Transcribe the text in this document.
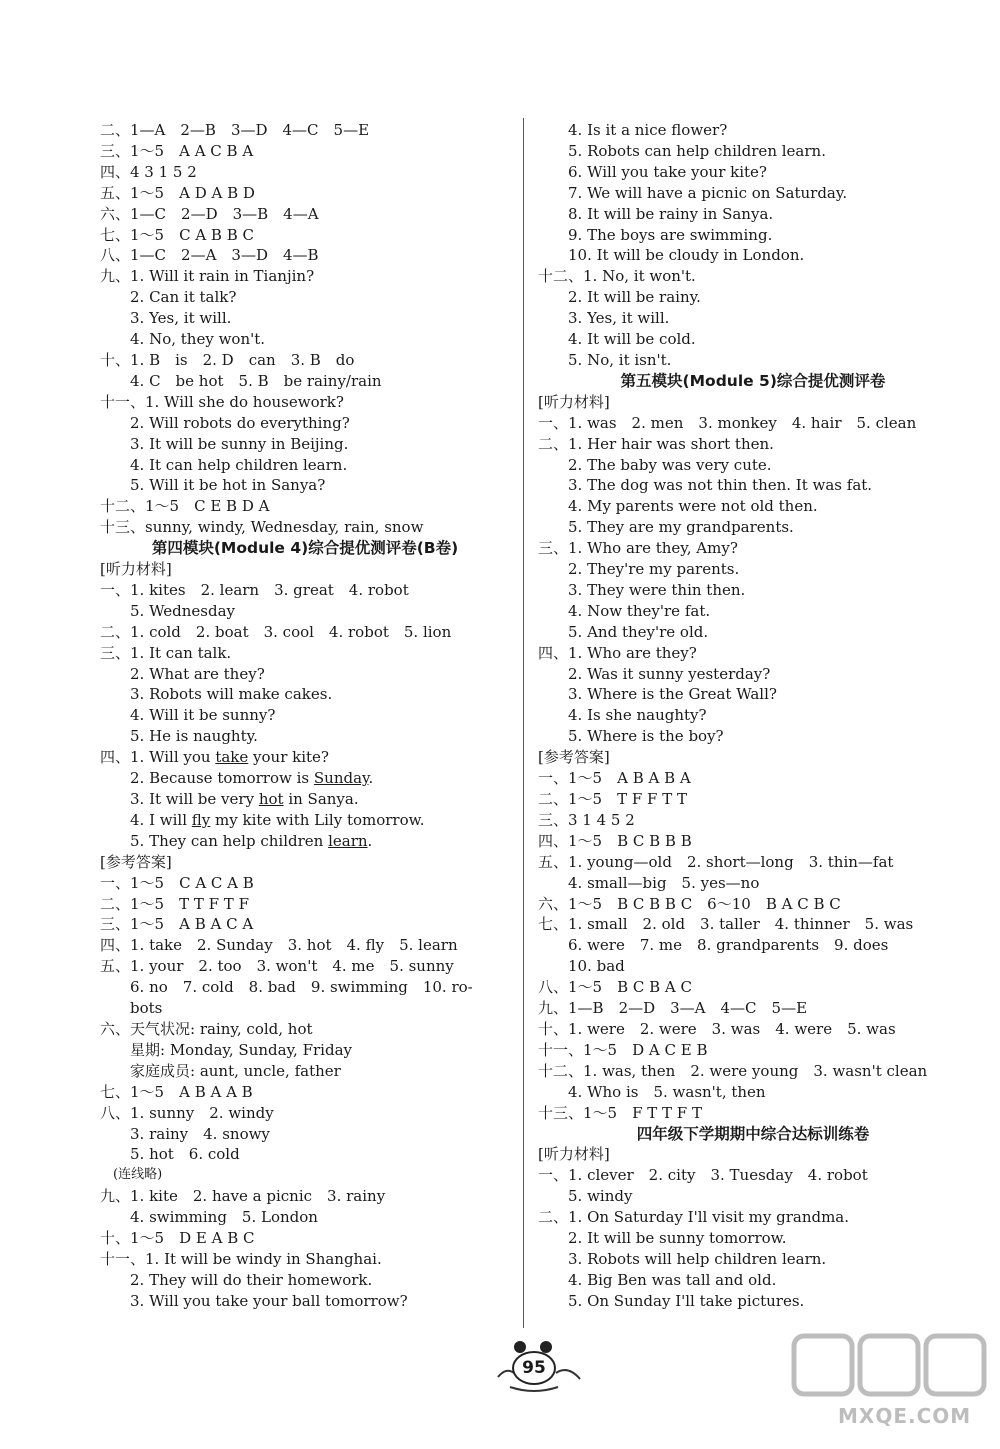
二、1—A　2—B　3—D　4—C　5—E
三、1～5　A A C B A
四、4 3 1 5 2
五、1～5　A D A B D
六、1—C　2—D　3—B　4—A
七、1～5　C A B B C
八、1—C　2—A　3—D　4—B
九、1. Will it rain in Tianjin?
　　2. Can it talk?
　　3. Yes, it will.
　　4. No, they won't.
十、1. B　is　2. D　can　3. B　do
　　4. C　be hot　5. B　be rainy/rain
十一、1. Will she do housework?
　　2. Will robots do everything?
　　3. It will be sunny in Beijing.
　　4. It can help children learn.
　　5. Will it be hot in Sanya?
十二、1～5　C E B D A
十三、sunny, windy, Wednesday, rain, snow
第四模块(Module 4)综合提优测评卷(B卷)
[听力材料]
一、1. kites　2. learn　3. great　4. robot
　　5. Wednesday
二、1. cold　2. boat　3. cool　4. robot　5. lion
三、1. It can talk.
　　2. What are they?
　　3. Robots will make cakes.
　　4. Will it be sunny?
　　5. He is naughty.
四、1. Will you take your kite?
　　2. Because tomorrow is Sunday.
　　3. It will be very hot in Sanya.
　　4. I will fly my kite with Lily tomorrow.
　　5. They can help children learn.
[参考答案]
一、1～5　C A C A B
二、1～5　T T F T F
三、1～5　A B A C A
四、1. take　2. Sunday　3. hot　4. fly　5. learn
五、1. your　2. too　3. won't　4. me　5. sunny
　　6. no　7. cold　8. bad　9. swimming　10. ro-
　　bots
六、天气状况: rainy, cold, hot
　　星期: Monday, Sunday, Friday
　　家庭成员: aunt, uncle, father
七、1～5　A B A A B
八、1. sunny　2. windy
　　3. rainy　4. snowy
　　5. hot　6. cold
　(连线略)
九、1. kite　2. have a picnic　3. rainy
　　4. swimming　5. London
十、1～5　D E A B C
十一、1. It will be windy in Shanghai.
　　2. They will do their homework.
　　3. Will you take your ball tomorrow?
　　4. Is it a nice flower?
　　5. Robots can help children learn.
　　6. Will you take your kite?
　　7. We will have a picnic on Saturday.
　　8. It will be rainy in Sanya.
　　9. The boys are swimming.
　　10. It will be cloudy in London.
十二、1. No, it won't.
　　2. It will be rainy.
　　3. Yes, it will.
　　4. It will be cold.
　　5. No, it isn't.
第五模块(Module 5)综合提优测评卷
[听力材料]
一、1. was　2. men　3. monkey　4. hair　5. clean
二、1. Her hair was short then.
　　2. The baby was very cute.
　　3. The dog was not thin then. It was fat.
　　4. My parents were not old then.
　　5. They are my grandparents.
三、1. Who are they, Amy?
　　2. They're my parents.
　　3. They were thin then.
　　4. Now they're fat.
　　5. And they're old.
四、1. Who are they?
　　2. Was it sunny yesterday?
　　3. Where is the Great Wall?
　　4. Is she naughty?
　　5. Where is the boy?
[参考答案]
一、1～5　A B A B A
二、1～5　T F F T T
三、3 1 4 5 2
四、1～5　B C B B B
五、1. young—old　2. short—long　3. thin—fat
　　4. small—big　5. yes—no
六、1～5　B C B B C　6～10　B A C B C
七、1. small　2. old　3. taller　4. thinner　5. was
　　6. were　7. me　8. grandparents　9. does
　　10. bad
八、1～5　B C B A C
九、1—B　2—D　3—A　4—C　5—E
十、1. were　2. were　3. was　4. were　5. was
十一、1～5　D A C E B
十二、1. was, then　2. were young　3. wasn't clean
　　4. Who is　5. wasn't, then
十三、1～5　F T T F T
四年级下学期期中综合达标训练卷
[听力材料]
一、1. clever　2. city　3. Tuesday　4. robot
　　5. windy
二、1. On Saturday I'll visit my grandma.
　　2. It will be sunny tomorrow.
　　3. Robots will help children learn.
　　4. Big Ben was tall and old.
　　5. On Sunday I'll take pictures.
95
MXQE.COM
